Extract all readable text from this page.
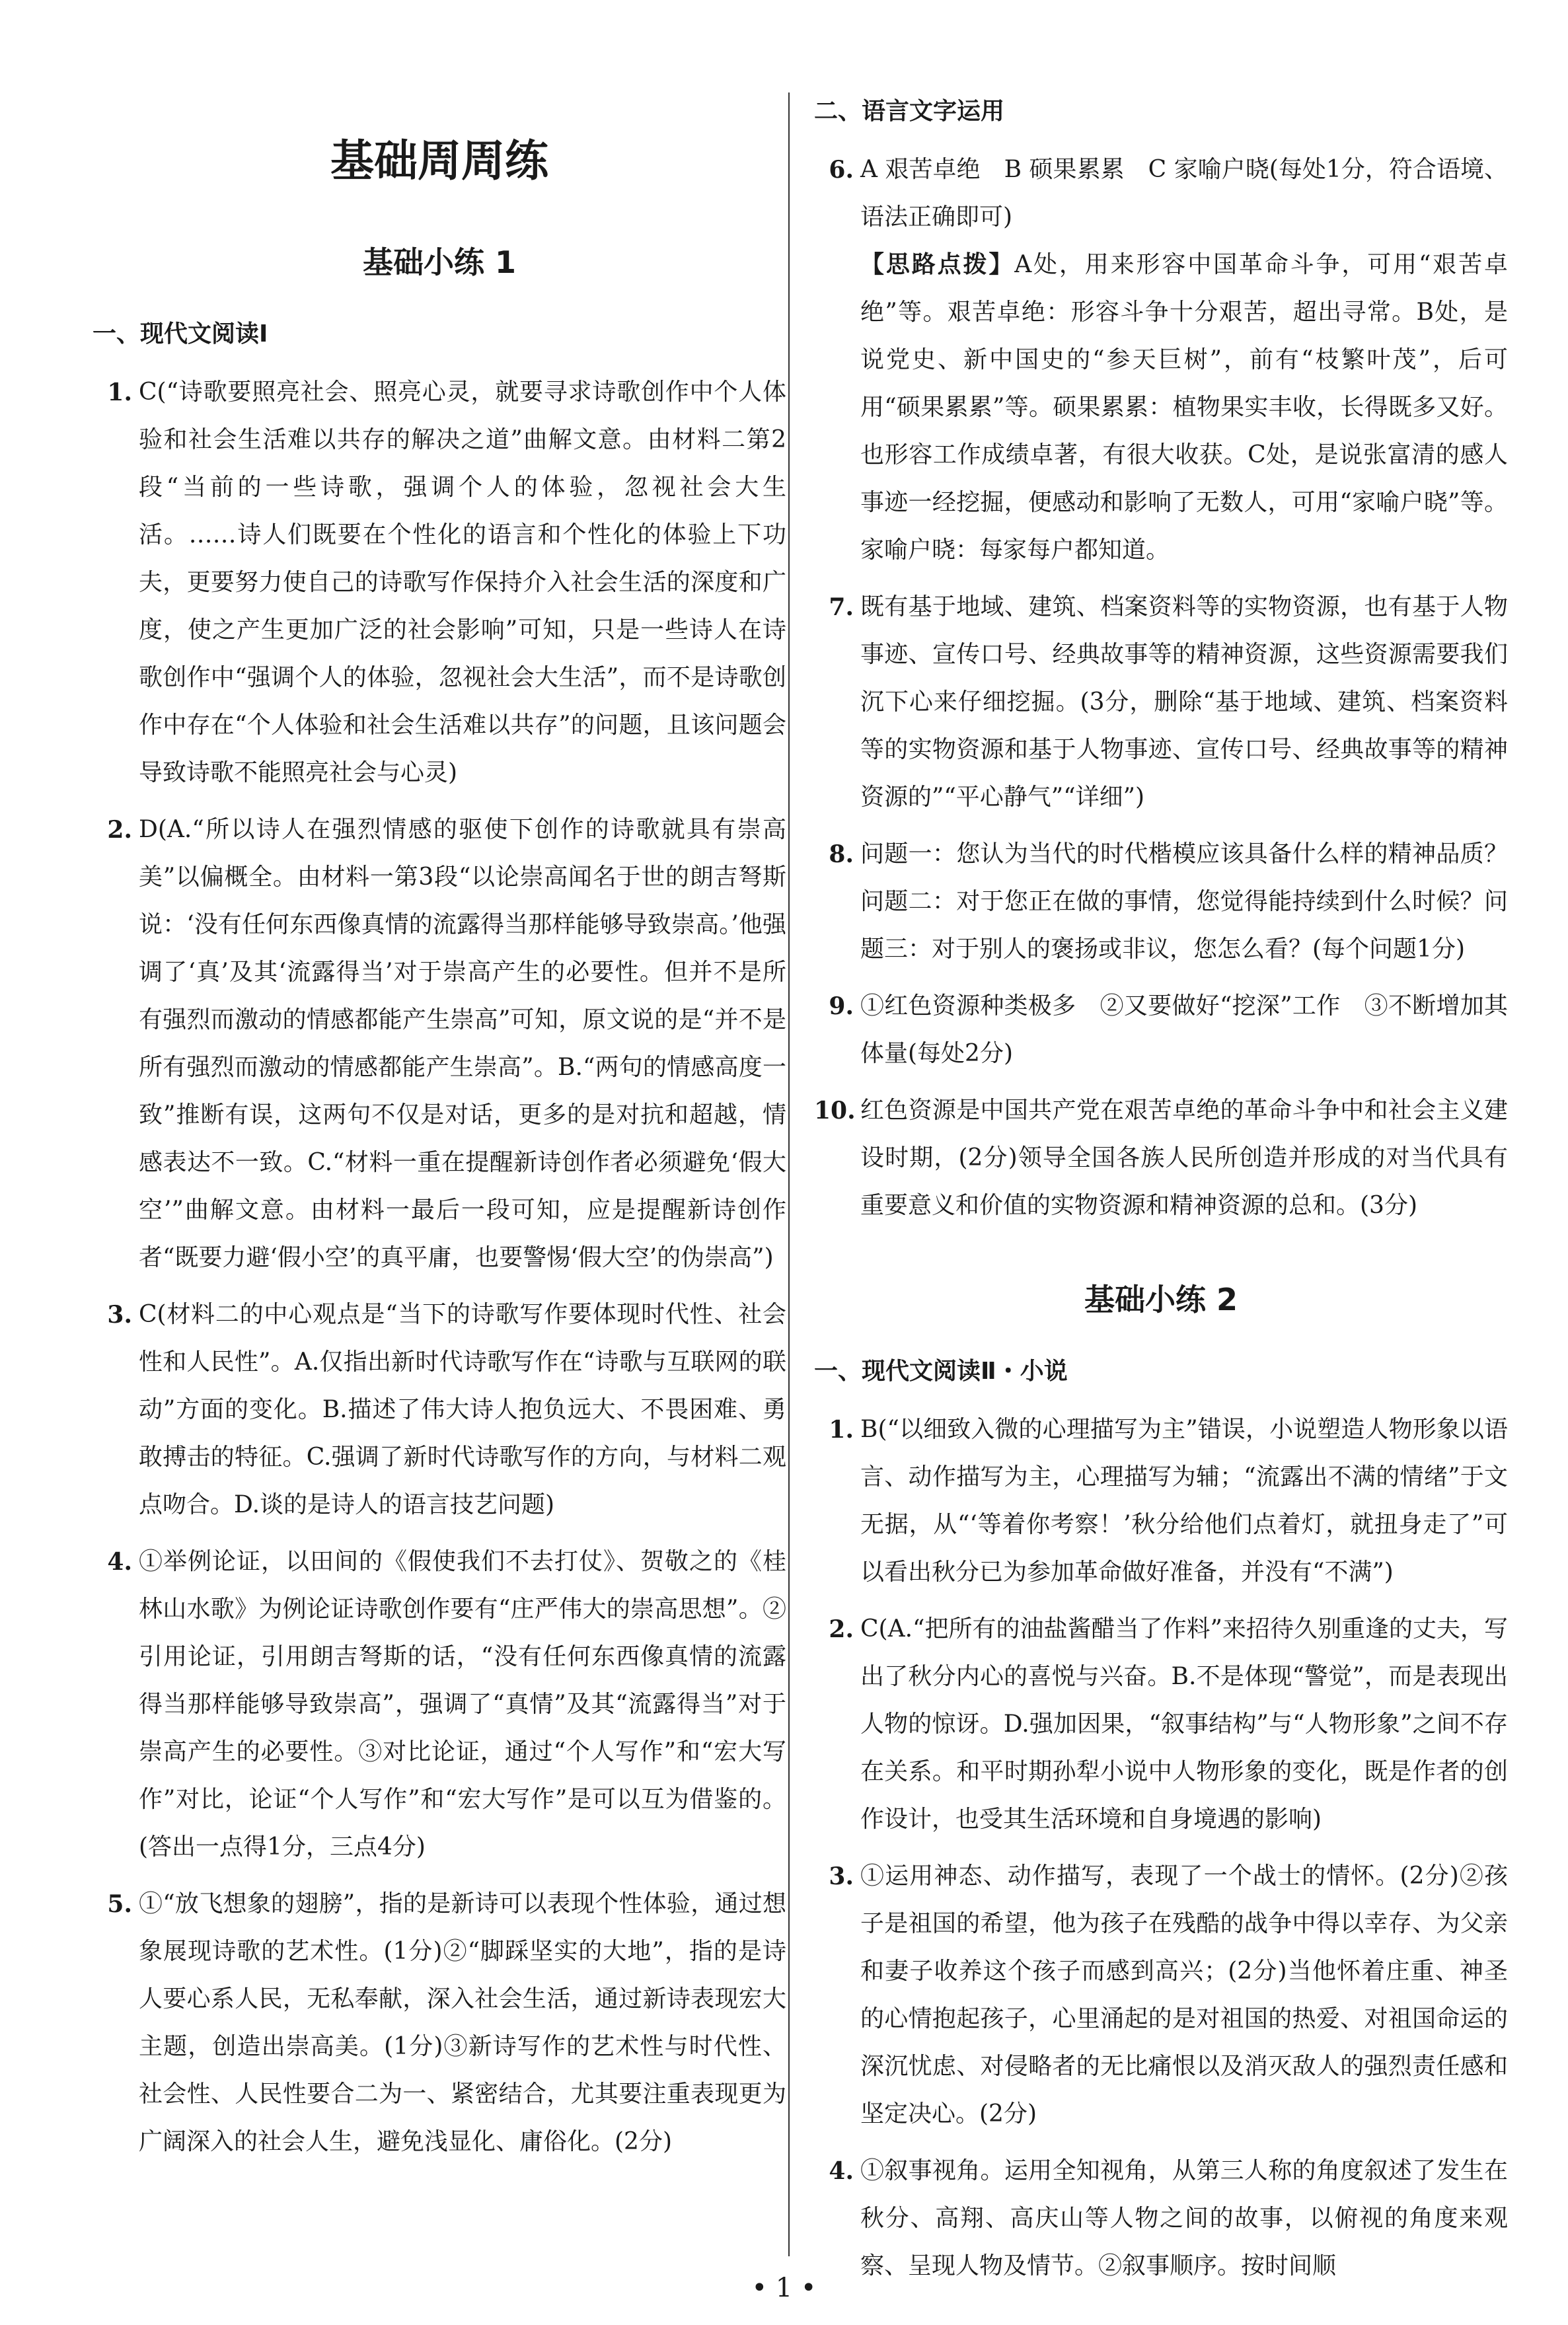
基础周周练
基础小练 1
一、现代文阅读Ⅰ
1. C(“诗歌要照亮社会、照亮心灵，就要寻求诗歌创作中个人体验和社会生活难以共存的解决之道”曲解文意。由材料二第2段“当前的一些诗歌，强调个人的体验，忽视社会大生活。……诗人们既要在个性化的语言和个性化的体验上下功夫，更要努力使自己的诗歌写作保持介入社会生活的深度和广度，使之产生更加广泛的社会影响”可知，只是一些诗人在诗歌创作中“强调个人的体验，忽视社会大生活”，而不是诗歌创作中存在“个人体验和社会生活难以共存”的问题，且该问题会导致诗歌不能照亮社会与心灵)
2. D(A.“所以诗人在强烈情感的驱使下创作的诗歌就具有崇高美”以偏概全。由材料一第3段“以论崇高闻名于世的朗吉弩斯说：‘没有任何东西像真情的流露得当那样能够导致崇高。’他强调了‘真’及其‘流露得当’对于崇高产生的必要性。但并不是所有强烈而激动的情感都能产生崇高”可知，原文说的是“并不是所有强烈而激动的情感都能产生崇高”。B.“两句的情感高度一致”推断有误，这两句不仅是对话，更多的是对抗和超越，情感表达不一致。C.“材料一重在提醒新诗创作者必须避免‘假大空’”曲解文意。由材料一最后一段可知，应是提醒新诗创作者“既要力避‘假小空’的真平庸，也要警惕‘假大空’的伪崇高”)
3. C(材料二的中心观点是“当下的诗歌写作要体现时代性、社会性和人民性”。A.仅指出新时代诗歌写作在“诗歌与互联网的联动”方面的变化。B.描述了伟大诗人抱负远大、不畏困难、勇敢搏击的特征。C.强调了新时代诗歌写作的方向，与材料二观点吻合。D.谈的是诗人的语言技艺问题)
4. ①举例论证，以田间的《假使我们不去打仗》、贺敬之的《桂林山水歌》为例论证诗歌创作要有“庄严伟大的崇高思想”。②引用论证，引用朗吉弩斯的话，“没有任何东西像真情的流露得当那样能够导致崇高”，强调了“真情”及其“流露得当”对于崇高产生的必要性。③对比论证，通过“个人写作”和“宏大写作”对比，论证“个人写作”和“宏大写作”是可以互为借鉴的。(答出一点得1分，三点4分)
5. ①“放飞想象的翅膀”，指的是新诗可以表现个性体验，通过想象展现诗歌的艺术性。(1分)②“脚踩坚实的大地”，指的是诗人要心系人民，无私奉献，深入社会生活，通过新诗表现宏大主题，创造出崇高美。(1分)③新诗写作的艺术性与时代性、社会性、人民性要合二为一、紧密结合，尤其要注重表现更为广阔深入的社会人生，避免浅显化、庸俗化。(2分)
二、语言文字运用
6. A 艰苦卓绝　B 硕果累累　C 家喻户晓(每处1分，符合语境、语法正确即可)
【思路点拨】A处，用来形容中国革命斗争，可用“艰苦卓绝”等。艰苦卓绝：形容斗争十分艰苦，超出寻常。B处，是说党史、新中国史的“参天巨树”，前有“枝繁叶茂”，后可用“硕果累累”等。硕果累累：植物果实丰收，长得既多又好。也形容工作成绩卓著，有很大收获。C处，是说张富清的感人事迹一经挖掘，便感动和影响了无数人，可用“家喻户晓”等。家喻户晓：每家每户都知道。
7. 既有基于地域、建筑、档案资料等的实物资源，也有基于人物事迹、宣传口号、经典故事等的精神资源，这些资源需要我们沉下心来仔细挖掘。(3分，删除“基于地域、建筑、档案资料等的实物资源和基于人物事迹、宣传口号、经典故事等的精神资源的”“平心静气”“详细”)
8. 问题一：您认为当代的时代楷模应该具备什么样的精神品质？问题二：对于您正在做的事情，您觉得能持续到什么时候？问题三：对于别人的褒扬或非议，您怎么看？(每个问题1分)
9. ①红色资源种类极多　②又要做好“挖深”工作　③不断增加其体量(每处2分)
10. 红色资源是中国共产党在艰苦卓绝的革命斗争中和社会主义建设时期，(2分)领导全国各族人民所创造并形成的对当代具有重要意义和价值的实物资源和精神资源的总和。(3分)
基础小练 2
一、现代文阅读Ⅱ・小说
1. B(“以细致入微的心理描写为主”错误，小说塑造人物形象以语言、动作描写为主，心理描写为辅；“流露出不满的情绪”于文无据，从“‘等着你考察！’秋分给他们点着灯，就扭身走了”可以看出秋分已为参加革命做好准备，并没有“不满”)
2. C(A.“把所有的油盐酱醋当了作料”来招待久别重逢的丈夫，写出了秋分内心的喜悦与兴奋。B.不是体现“警觉”，而是表现出人物的惊讶。D.强加因果，“叙事结构”与“人物形象”之间不存在关系。和平时期孙犁小说中人物形象的变化，既是作者的创作设计，也受其生活环境和自身境遇的影响)
3. ①运用神态、动作描写，表现了一个战士的情怀。(2分)②孩子是祖国的希望，他为孩子在残酷的战争中得以幸存、为父亲和妻子收养这个孩子而感到高兴；(2分)当他怀着庄重、神圣的心情抱起孩子，心里涌起的是对祖国的热爱、对祖国命运的深沉忧虑、对侵略者的无比痛恨以及消灭敌人的强烈责任感和坚定决心。(2分)
4. ①叙事视角。运用全知视角，从第三人称的角度叙述了发生在秋分、高翔、高庆山等人物之间的故事，以俯视的角度来观察、呈现人物及情节。②叙事顺序。按时间顺
• 1 •
